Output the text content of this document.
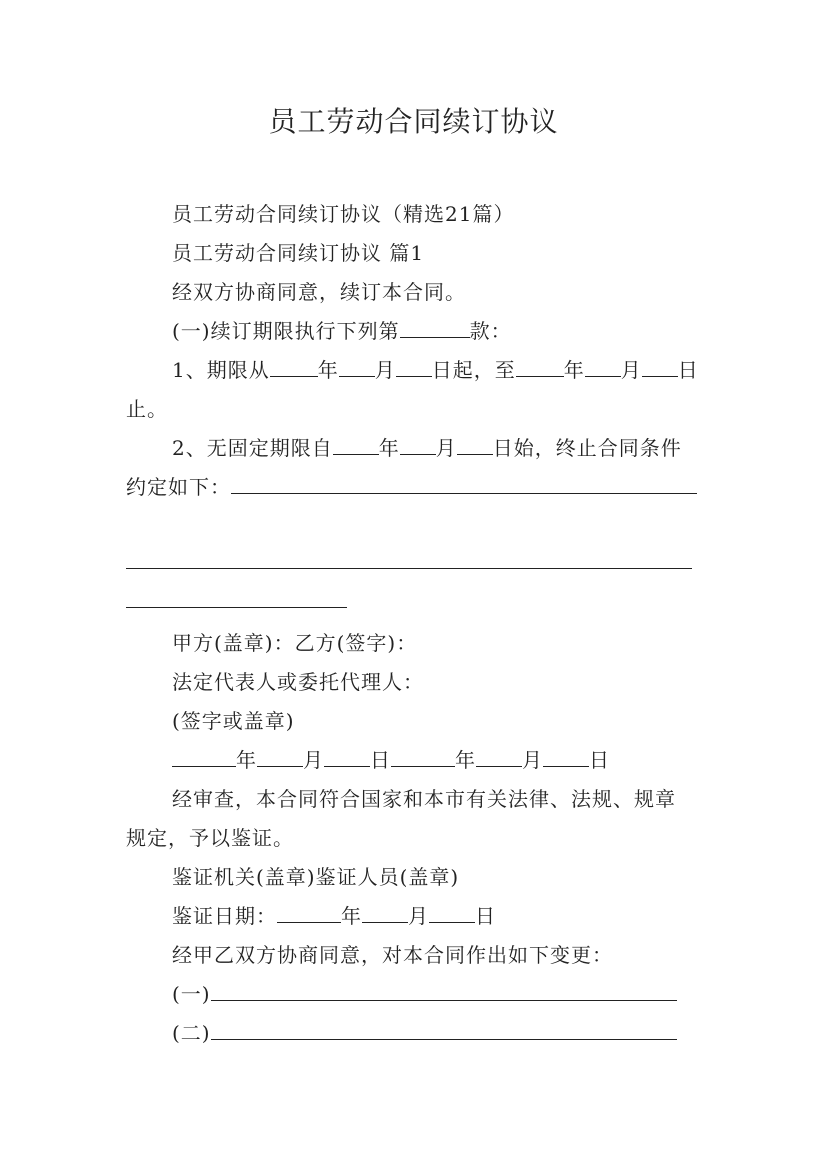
员工劳动合同续订协议
员工劳动合同续订协议（精选21篇）
员工劳动合同续订协议 篇1
经双方协商同意，续订本合同。
(一)续订期限执行下列第	款：
1、期限从 年 月 日起，至 年 月 日
止。
2、无固定期限自 年 月 日始，终止合同条件
约定如下：
甲方(盖章)：乙方(签字)：
法定代表人或委托代理人：
(签字或盖章)
年 月 日	年 月 日
经审查，本合同符合国家和本市有关法律、法规、规章
规定，予以鉴证。
鉴证机关(盖章)鉴证人员(盖章)
鉴证日期：	年 月 日
经甲乙双方协商同意，对本合同作出如下变更：
(一)
(二)
